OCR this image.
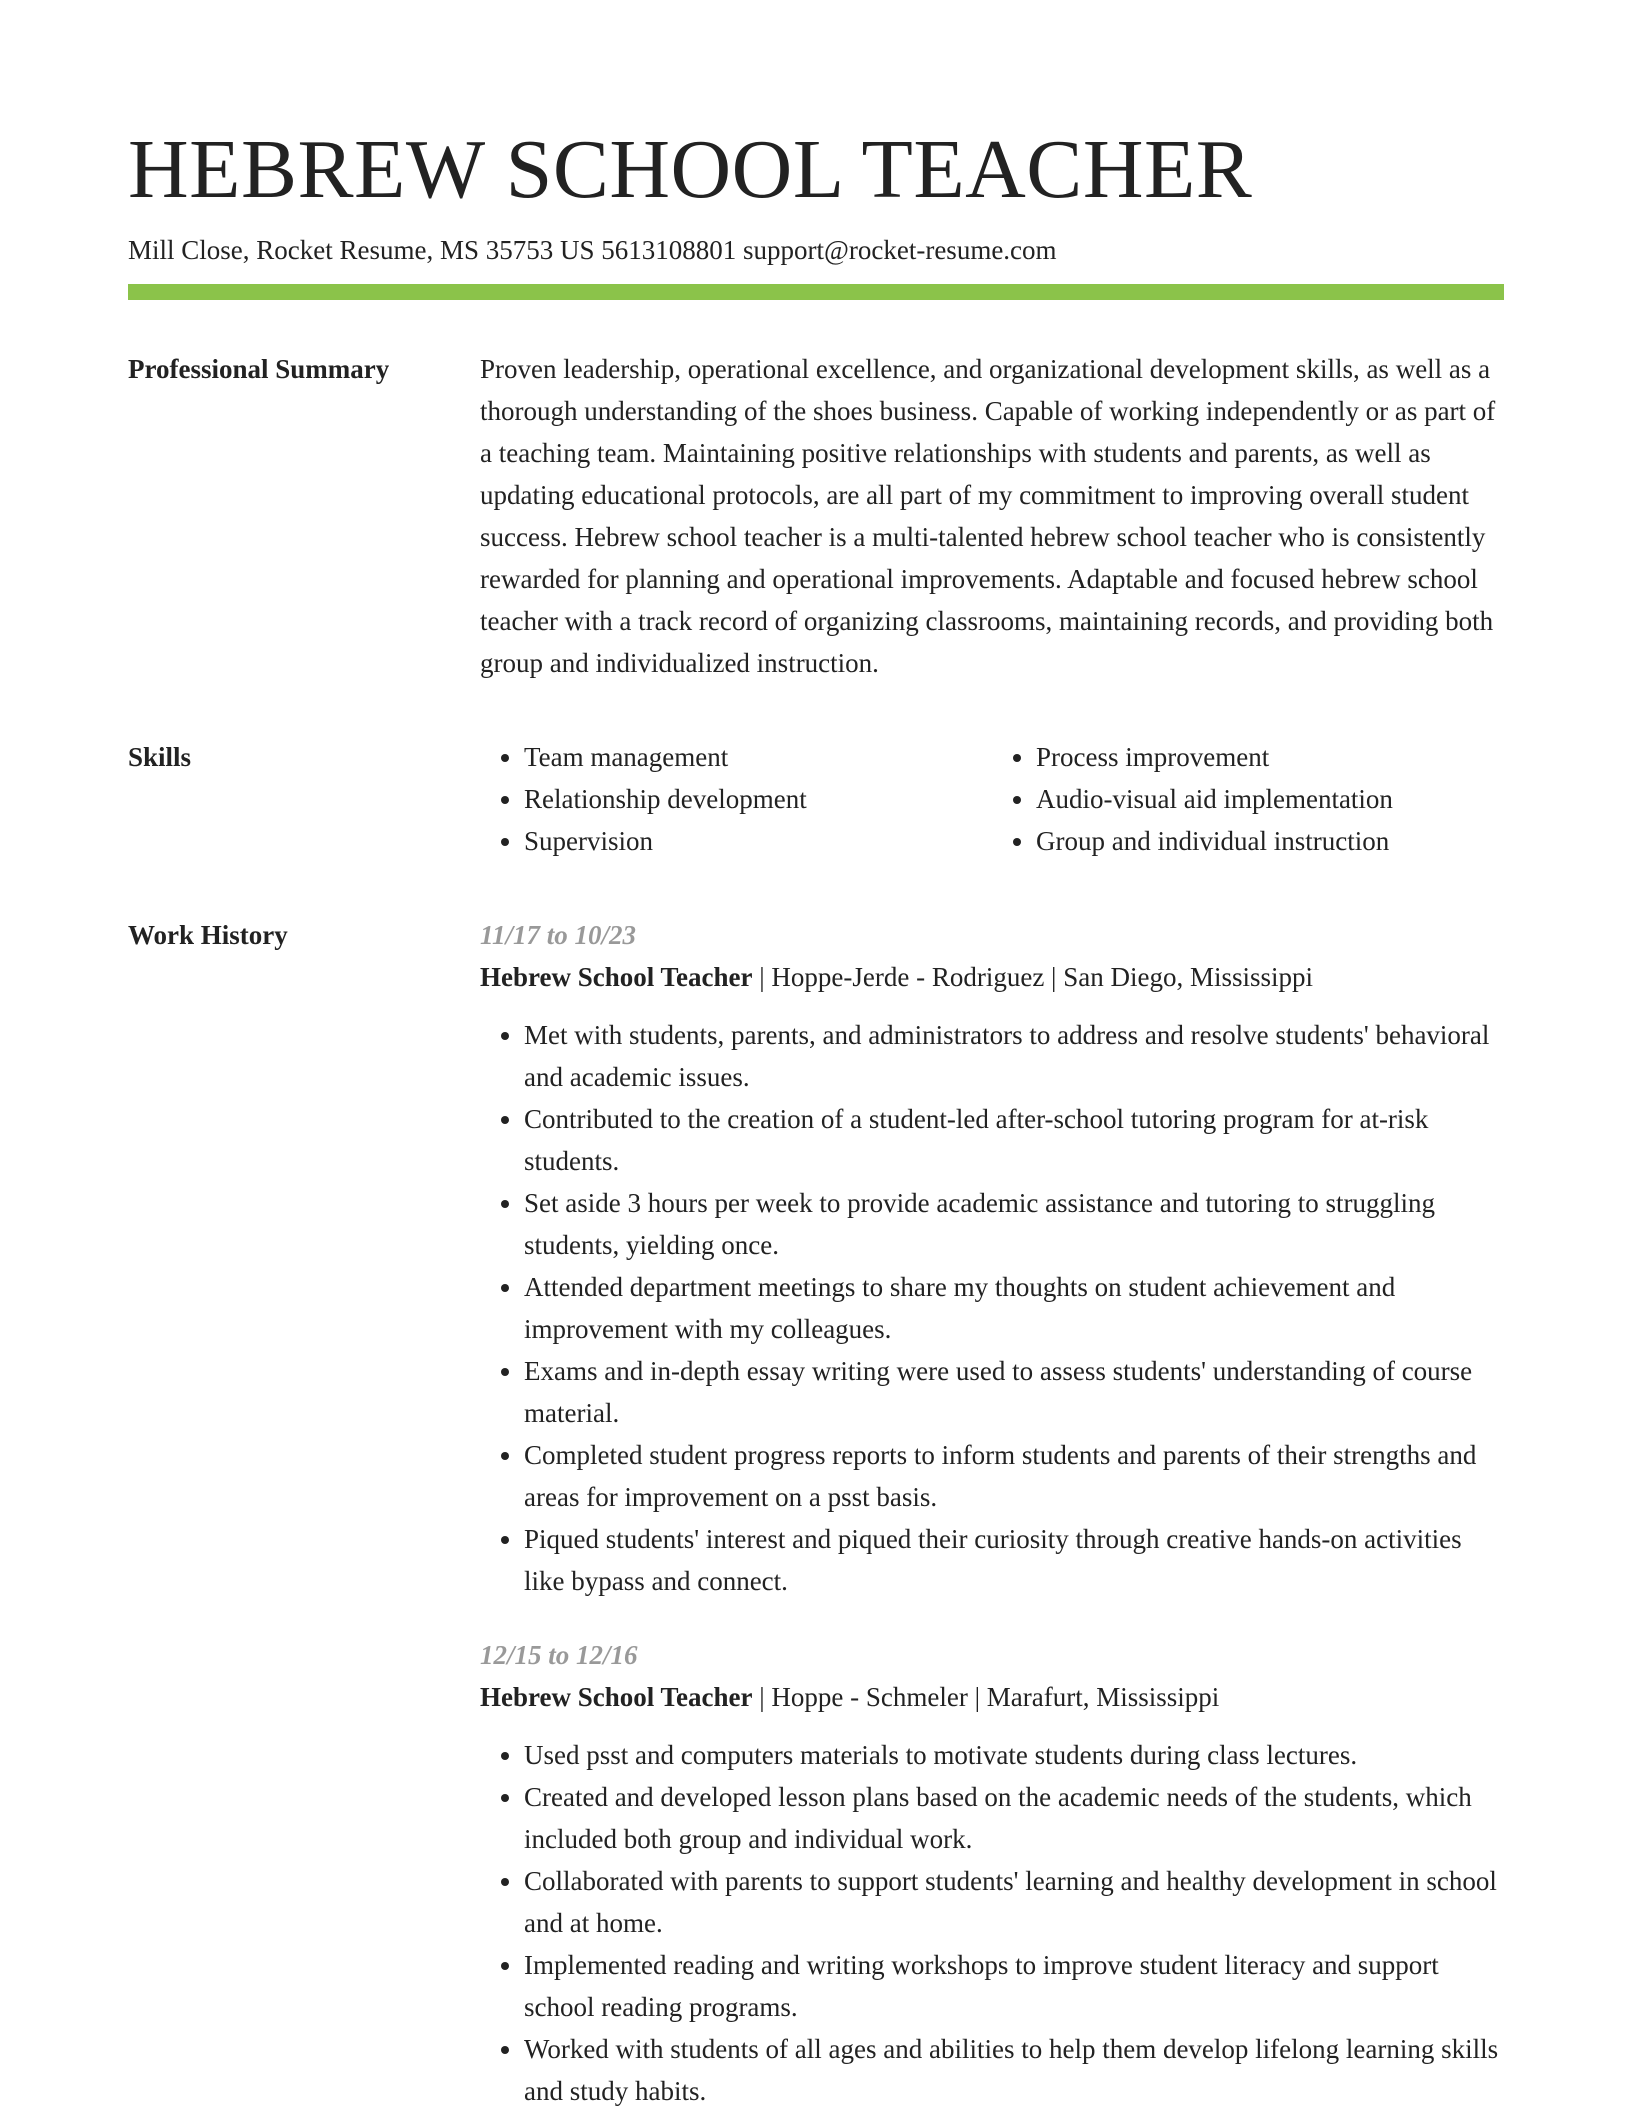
HEBREW SCHOOL TEACHER
Mill Close, Rocket Resume, MS 35753 US 5613108801 support@rocket-resume.com
Professional Summary	Proven leadership, operational excellence, and organizational development skills, as well as a thorough understanding of the shoes business. Capable of working independently or as part of a teaching team. Maintaining positive relationships with students and parents, as well as updating educational protocols, are all part of my commitment to improving overall student success. Hebrew school teacher is a multi-talented hebrew school teacher who is consistently rewarded for planning and operational improvements. Adaptable and focused hebrew school teacher with a track record of organizing classrooms, maintaining records, and providing both group and individualized instruction.

Skills
•	Team management
• Relationship development
• Supervision
• Process improvement
• Audio-visual aid implementation
• Group and individual instruction
Work History	11/17 to 10/23
Hebrew School Teacher | Hoppe-Jerde - Rodriguez | San Diego, Mississippi
• Met with students, parents, and administrators to address and resolve students' behavioral and academic issues.
• Contributed to the creation of a student-led after-school tutoring program for at-risk students.
• Set aside 3 hours per week to provide academic assistance and tutoring to struggling students, yielding once.
• Attended department meetings to share my thoughts on student achievement and improvement with my colleagues.
• Exams and in-depth essay writing were used to assess students' understanding of course material.
• Completed student progress reports to inform students and parents of their strengths and areas for improvement on a psst basis.
• Piqued students' interest and piqued their curiosity through creative hands-on activities like bypass and connect.
12/15 to 12/16
Hebrew School Teacher | Hoppe - Schmeler | Marafurt, Mississippi
• Used psst and computers materials to motivate students during class lectures.
• Created and developed lesson plans based on the academic needs of the students, which included both group and individual work.
• Collaborated with parents to support students' learning and healthy development in school and at home.
• Implemented reading and writing workshops to improve student literacy and support school reading programs.
• Worked with students of all ages and abilities to help them develop lifelong learning skills and study habits.
